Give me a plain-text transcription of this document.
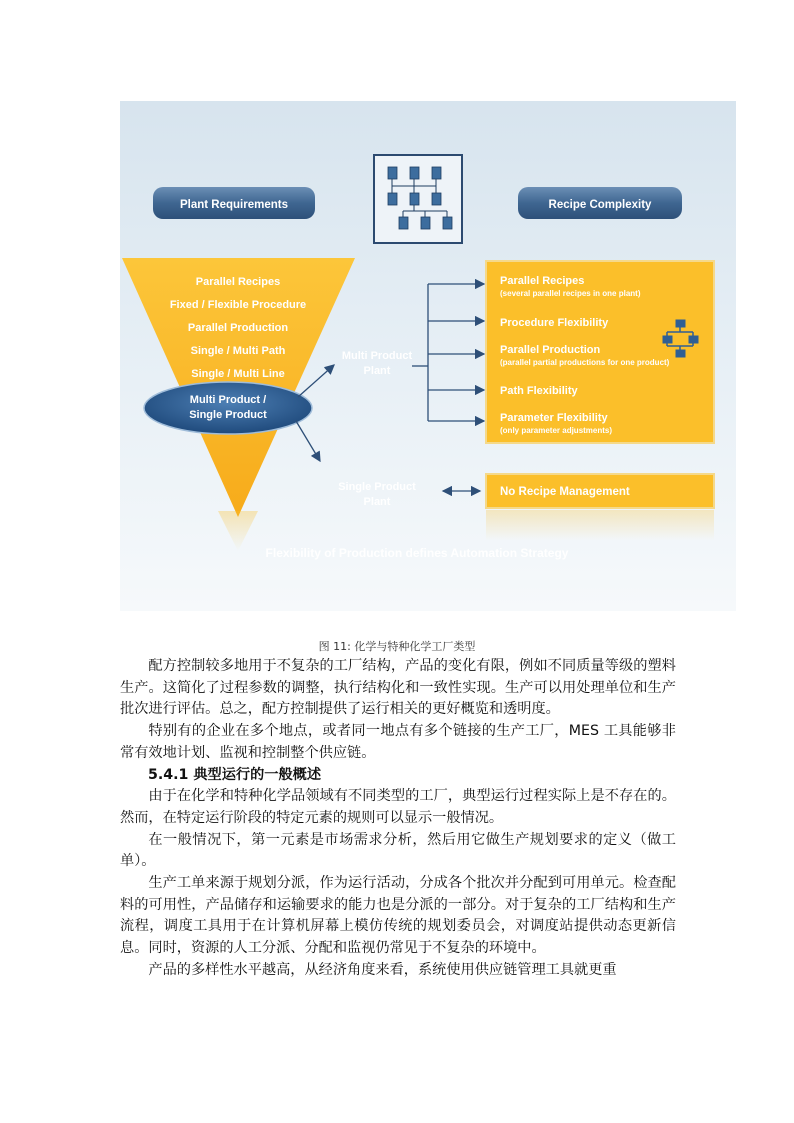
Plant Requirements	Recipe Complexity
Parallel Recipes
Fixed / Flexible Procedure
Parallel Production
Single / Multi Path
Single / Multi Line
Multi Product /
Single Product
Multi Product
Plant
Single Product
Plant
Parallel Recipes
(several parallel recipes in one plant)
Procedure Flexibility
Parallel Production
(parallel partial productions for one product)
Path Flexibility
Parameter Flexibility
(only parameter adjustments)
No Recipe Management
Flexibility of Production defines Automation Strategy
图 11: 化学与特种化学工厂类型

配方控制较多地用于不复杂的工厂结构，产品的变化有限，例如不同质量等级的塑料生产。这简化了过程参数的调整，执行结构化和一致性实现。生产可以用处理单位和生产批次进行评估。总之，配方控制提供了运行相关的更好概览和透明度。

特别有的企业在多个地点，或者同一地点有多个链接的生产工厂，MES 工具能够非常有效地计划、监视和控制整个供应链。

5.4.1 典型运行的一般概述

由于在化学和特种化学品领域有不同类型的工厂，典型运行过程实际上是不存在的。然而，在特定运行阶段的特定元素的规则可以显示一般情况。

在一般情况下，第一元素是市场需求分析，然后用它做生产规划要求的定义（做工单）。

生产工单来源于规划分派，作为运行活动，分成各个批次并分配到可用单元。检查配料的可用性，产品储存和运输要求的能力也是分派的一部分。对于复杂的工厂结构和生产流程，调度工具用于在计算机屏幕上模仿传统的规划委员会，对调度站提供动态更新信息。同时，资源的人工分派、分配和监视仍常见于不复杂的环境中。

产品的多样性水平越高，从经济角度来看，系统使用供应链管理工具就更重
